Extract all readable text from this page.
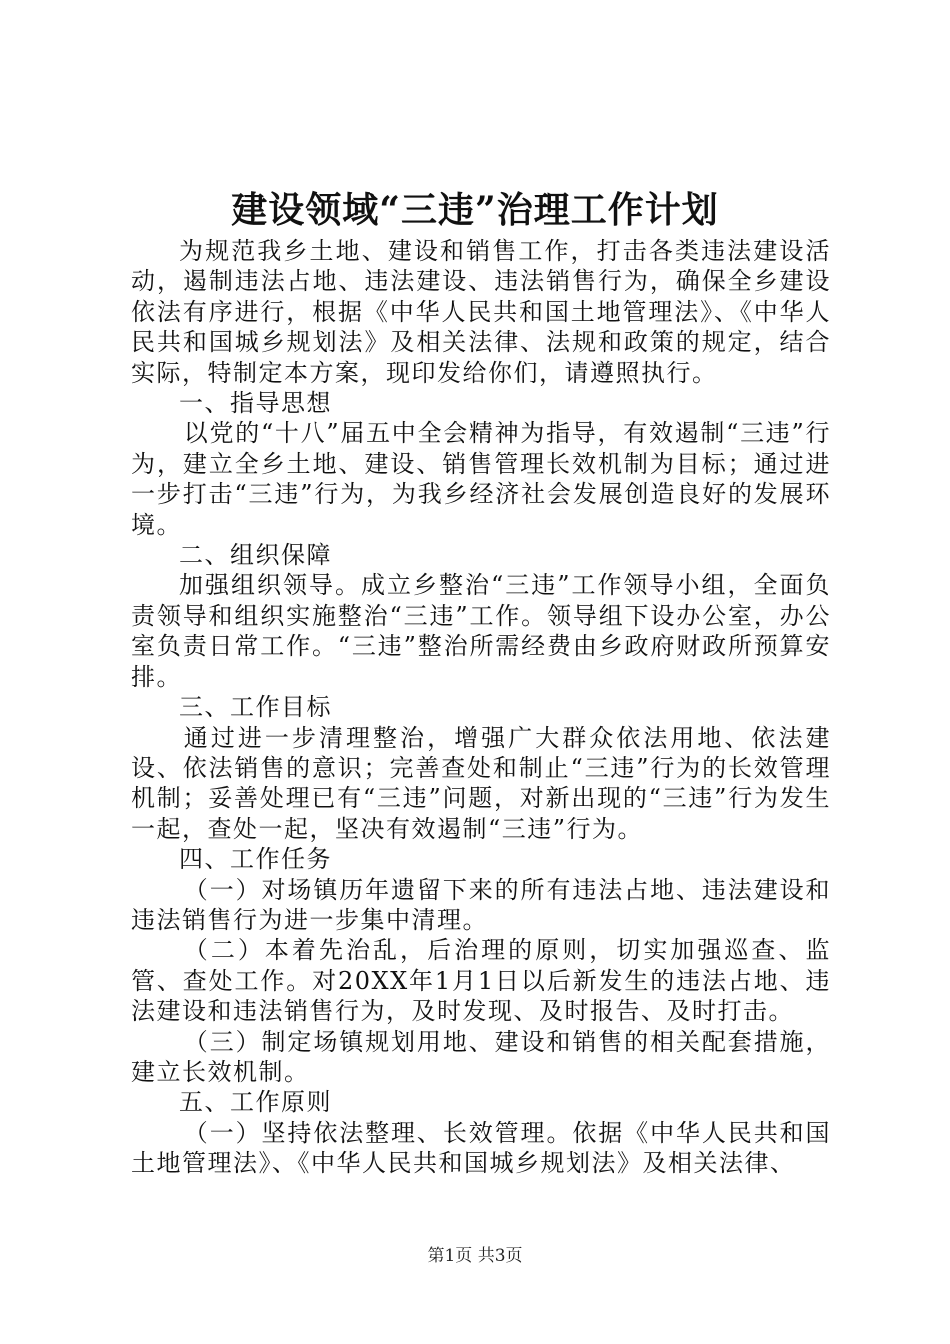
建设领域“三违”治理工作计划

为规范我乡土地、建设和销售工作，打击各类违法建设活动，遏制违法占地、违法建设、违法销售行为，确保全乡建设依法有序进行，根据《中华人民共和国土地管理法》、《中华人民共和国城乡规划法》及相关法律、法规和政策的规定，结合实际，特制定本方案，现印发给你们，请遵照执行。

一、指导思想

以党的“十八”届五中全会精神为指导，有效遏制“三违”行为，建立全乡土地、建设、销售管理长效机制为目标；通过进一步打击“三违”行为，为我乡经济社会发展创造良好的发展环境。

二、组织保障

加强组织领导。成立乡整治“三违”工作领导小组，全面负责领导和组织实施整治“三违”工作。领导组下设办公室，办公室负责日常工作。“三违”整治所需经费由乡政府财政所预算安排。

三、工作目标

通过进一步清理整治，增强广大群众依法用地、依法建设、依法销售的意识；完善查处和制止“三违”行为的长效管理机制；妥善处理已有“三违”问题，对新出现的“三违”行为发生一起，查处一起，坚决有效遏制“三违”行为。

四、工作任务

（一）对场镇历年遗留下来的所有违法占地、违法建设和违法销售行为进一步集中清理。

（二）本着先治乱，后治理的原则，切实加强巡查、监管、查处工作。对20XX年1月1日以后新发生的违法占地、违法建设和违法销售行为，及时发现、及时报告、及时打击。

（三）制定场镇规划用地、建设和销售的相关配套措施，建立长效机制。

五、工作原则

（一）坚持依法整理、长效管理。依据《中华人民共和国土地管理法》、《中华人民共和国城乡规划法》及相关法律、

第1页 共3页
